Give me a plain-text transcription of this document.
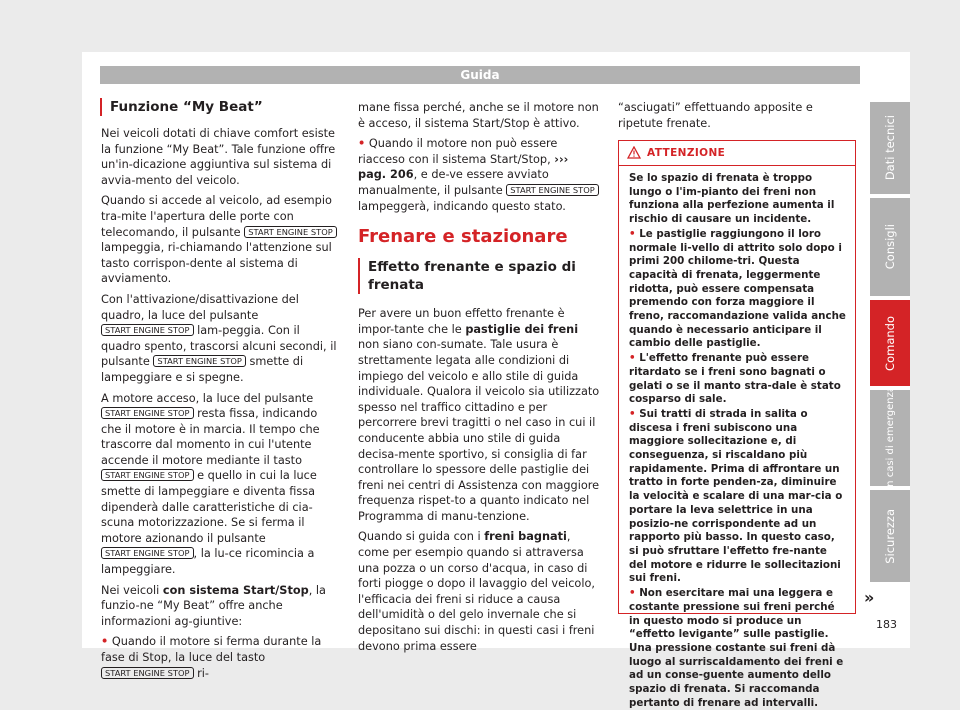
Guida
Funzione “My Beat”

Nei veicoli dotati di chiave comfort esiste la funzione “My Beat”. Tale funzione offre un'in-dicazione aggiuntiva sul sistema di avvia-mento del veicolo.

Quando si accede al veicolo, ad esempio tra-mite l'apertura delle porte con telecomando, il pulsante START ENGINE STOP lampeggia, ri-chiamando l'attenzione sul tasto corrispon-dente al sistema di avviamento.

Con l'attivazione/disattivazione del quadro, la luce del pulsante START ENGINE STOP lam-peggia. Con il quadro spento, trascorsi alcuni secondi, il pulsante START ENGINE STOP smette di lampeggiare e si spegne.

A motore acceso, la luce del pulsante START ENGINE STOP resta fissa, indicando che il motore è in marcia. Il tempo che trascorre dal momento in cui l'utente accende il motore mediante il tasto START ENGINE STOP e quello in cui la luce smette di lampeggiare e diventa fissa dipenderà dalle caratteristiche di cia-scuna motorizzazione. Se si ferma il motore azionando il pulsante START ENGINE STOP , la lu-ce ricomincia a lampeggiare.

Nei veicoli con sistema Start/Stop, la funzio-ne “My Beat” offre anche informazioni ag-giuntive:

• Quando il motore si ferma durante la fase di Stop, la luce del tasto START ENGINE STOP ri-

mane fissa perché, anche se il motore non è acceso, il sistema Start/Stop è attivo.

• Quando il motore non può essere riacceso con il sistema Start/Stop, ››› pag. 206, e de-ve essere avviato manualmente, il pulsante START ENGINE STOP lampeggerà, indicando questo stato.

Frenare e stazionare
Effetto frenante e spazio di frenata

Per avere un buon effetto frenante è impor-tante che le pastiglie dei freni non siano con-sumate. Tale usura è strettamente legata alle condizioni di impiego del veicolo e allo stile di guida individuale. Qualora il veicolo sia utilizzato spesso nel traffico cittadino e per percorrere brevi tragitti o nel caso in cui il conducente abbia uno stile di guida decisa-mente sportivo, si consiglia di far controllare lo spessore delle pastiglie dei freni nei centri di Assistenza con maggiore frequenza rispet-to a quanto indicato nel Programma di manu-tenzione.

Quando si guida con i freni bagnati, come per esempio quando si attraversa una pozza o un corso d'acqua, in caso di forti piogge o dopo il lavaggio del veicolo, l'efficacia dei freni si riduce a causa dell'umidità o del gelo invernale che si depositano sui dischi: in questi casi i freni devono prima essere

“asciugati” effettuando apposite e ripetute frenate.

ATTENZIONE

Se lo spazio di frenata è troppo lungo o l'im-pianto dei freni non funziona alla perfezione aumenta il rischio di causare un incidente.

• Le pastiglie raggiungono il loro normale li-vello di attrito solo dopo i primi 200 chilome-tri. Questa capacità di frenata, leggermente ridotta, può essere compensata premendo con forza maggiore il freno, raccomandazione valida anche quando è necessario anticipare il cambio delle pastiglie.

• L'effetto frenante può essere ritardato se i freni sono bagnati o gelati o se il manto stra-dale è stato cosparso di sale.

• Sui tratti di strada in salita o discesa i freni subiscono una maggiore sollecitazione e, di conseguenza, si riscaldano più rapidamente. Prima di affrontare un tratto in forte penden-za, diminuire la velocità e scalare di una mar-cia o portare la leva selettrice in una posizio-ne corrispondente ad un rapporto più basso. In questo caso, si può sfruttare l'effetto fre-nante del motore e ridurre le sollecitazioni sui freni.

• Non esercitare mai una leggera e costante pressione sui freni perché in questo modo si produce un “effetto levigante” sulle pastiglie. Una pressione costante sui freni dà luogo al surriscaldamento dei freni e ad un conse-guente aumento dello spazio di frenata. Si raccomanda pertanto di frenare ad intervalli.

»
Dati tecnici
Consigli
Comando
In casi di emergenza
Sicurezza
183
